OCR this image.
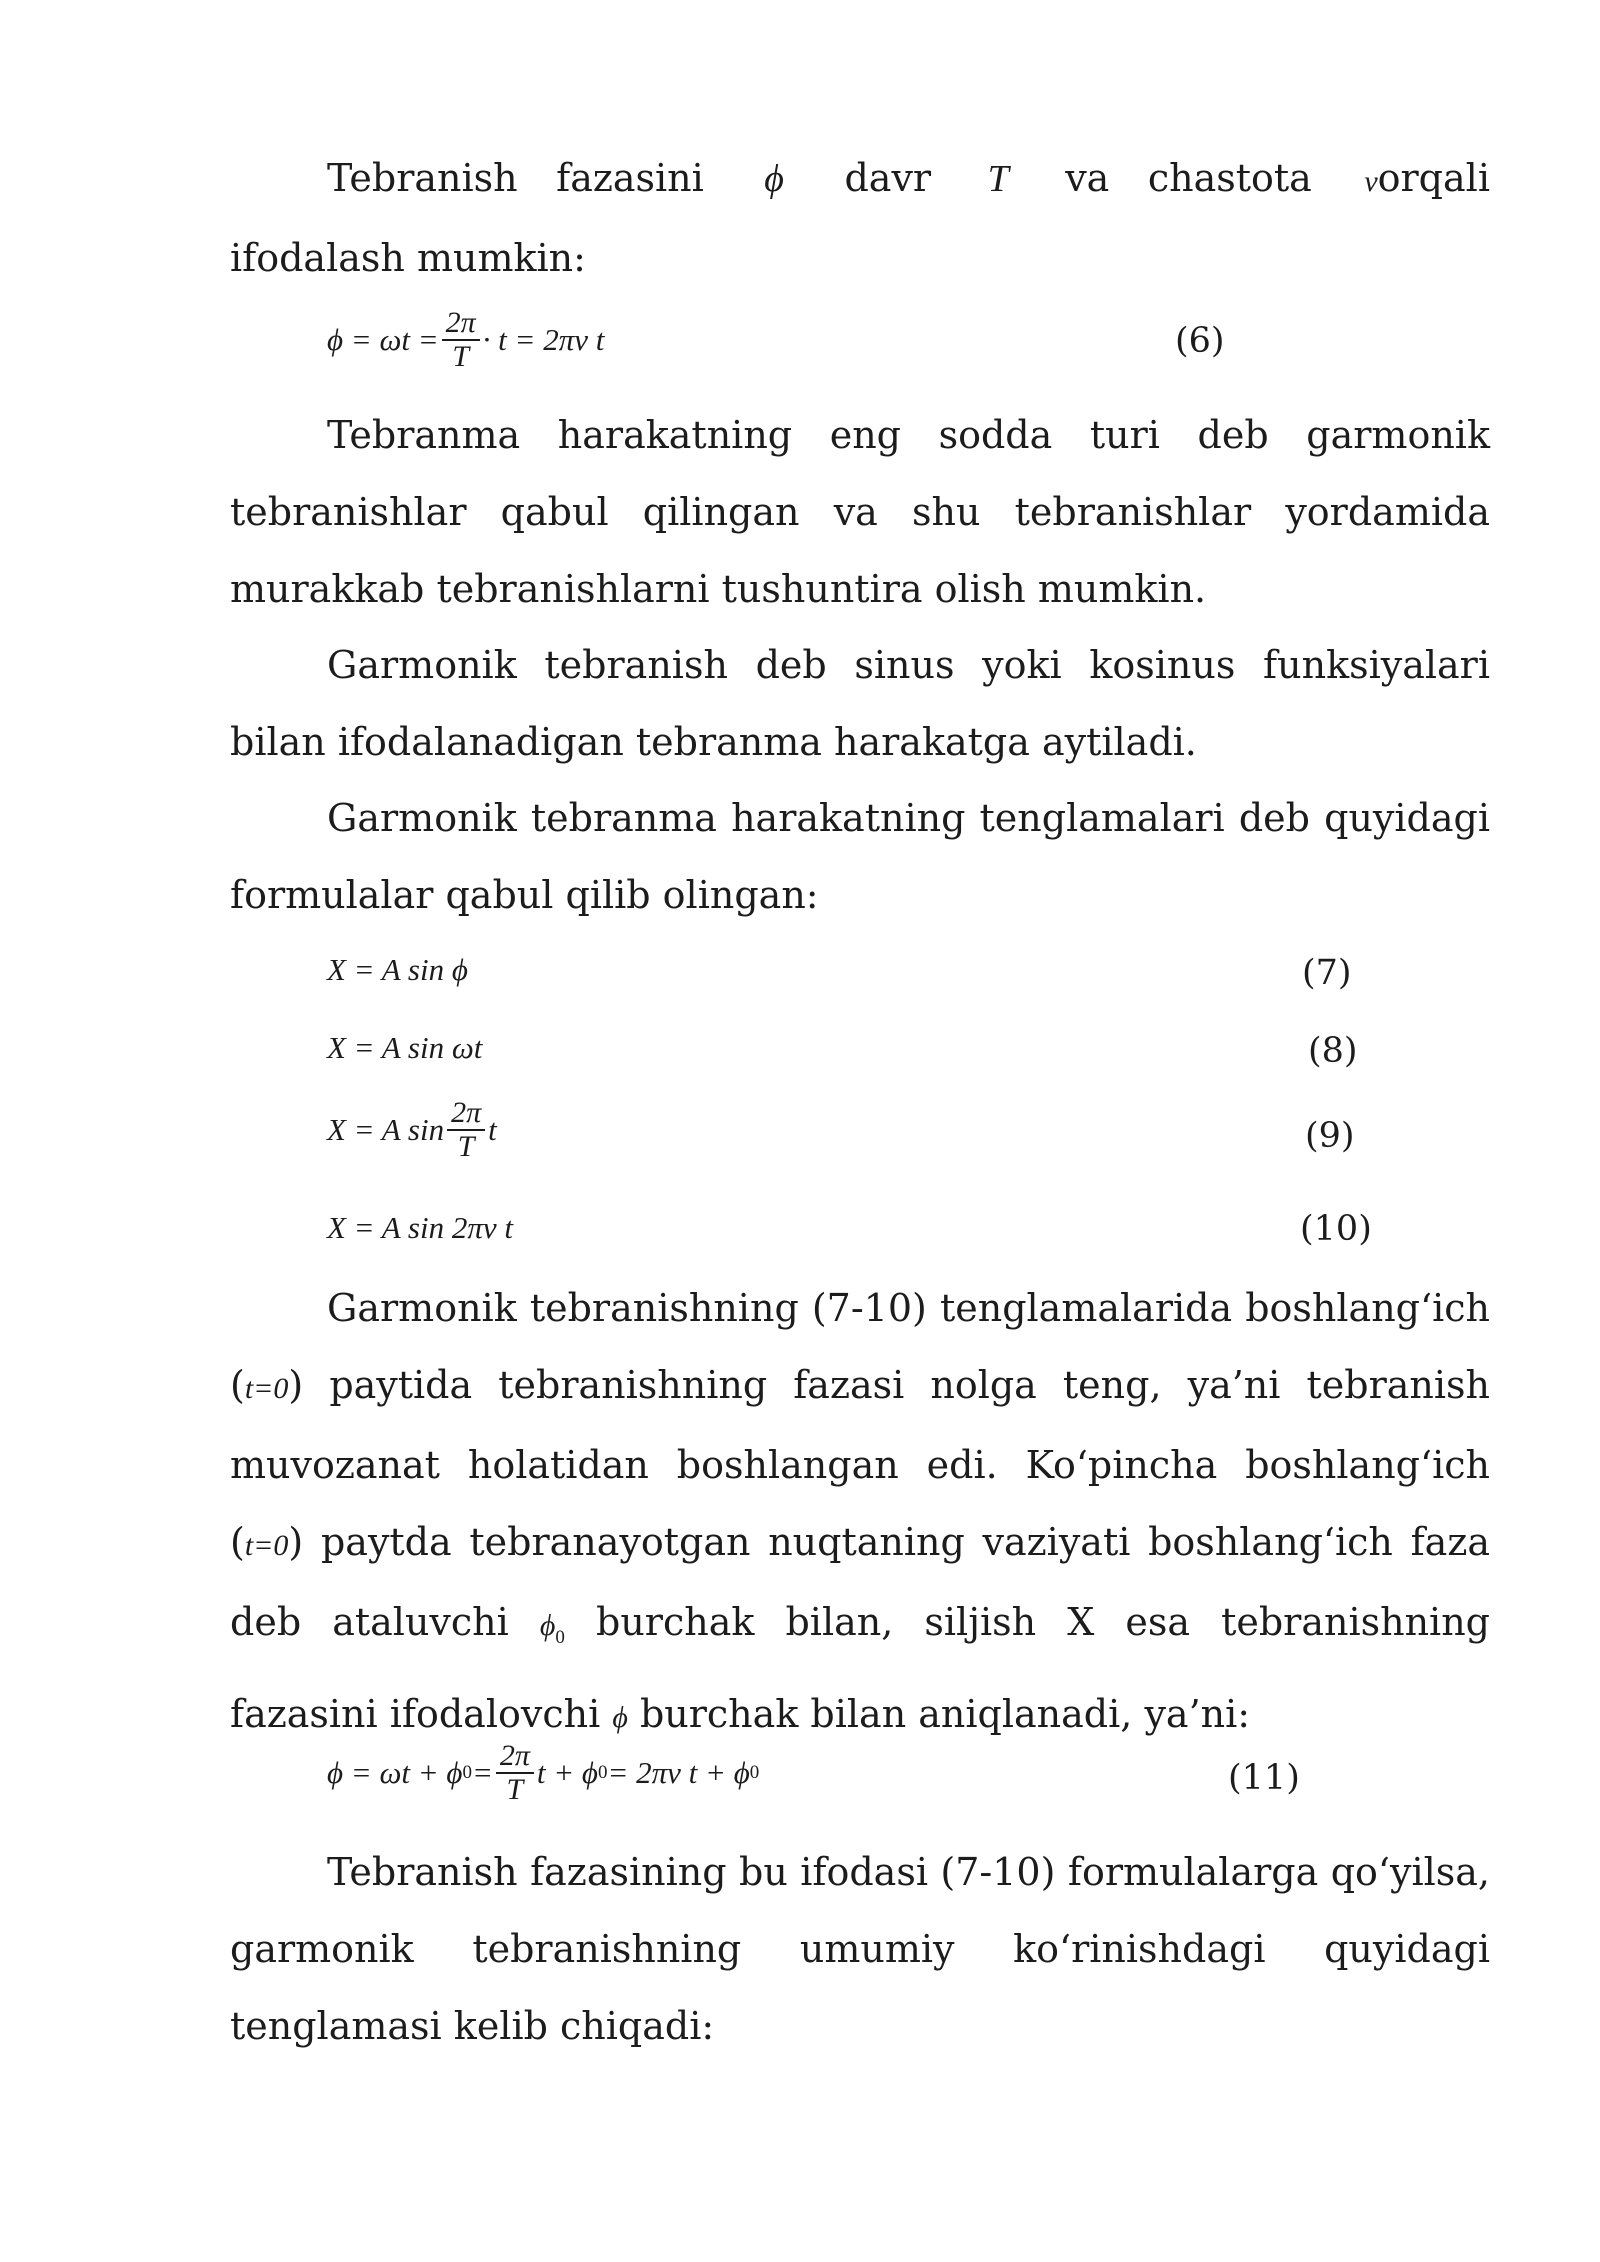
Tebranish fazasini ϕ davr T va chastota νorqali ifodalash mumkin:

$\phi = \omega t = \frac{2\pi}{T} \cdot t = 2\pi\nu$ t	(6)

Tebranma harakatning eng sodda turi deb garmonik tebranishlar qabul qilingan va shu tebranishlar yordamida murakkab tebranishlarni tushuntira olish mumkin.

Garmonik tebranish deb sinus yoki kosinus funksiyalari bilan ifodalanadigan tebranma harakatga aytiladi.

Garmonik tebranma harakatning tenglamalari deb quyidagi formulalar qabul qilib olingan:

X = A sin ϕ	(7)
X = A sin ωt	(8)
X = A $\sin \frac{2\pi}{T}$ t	(9)
X = A sin 2πν t	(10)

Garmonik tebranishning (7-10) tenglamalarida boshlang‘ich (t=0) paytida tebranishning fazasi nolga teng, ya’ni tebranish muvozanat holatidan boshlangan edi. Ko‘pincha boshlang‘ich (t=0) paytda tebranayotgan nuqtaning vaziyati boshlang‘ich faza deb ataluvchi $\phi_0$ burchak bilan, siljish X esa tebranishning fazasini ifodalovchi ϕ burchak bilan aniqlanadi, ya’ni:

ϕ = ωt + ϕ $0 = \frac{2\pi}{T}$ t + ϕ 0 = 2πν t + ϕ 0	(11)

Tebranish fazasining bu ifodasi (7-10) formulalarga qo‘yilsa, garmonik tebranishning umumiy ko‘rinishdagi quyidagi tenglamasi kelib chiqadi:
